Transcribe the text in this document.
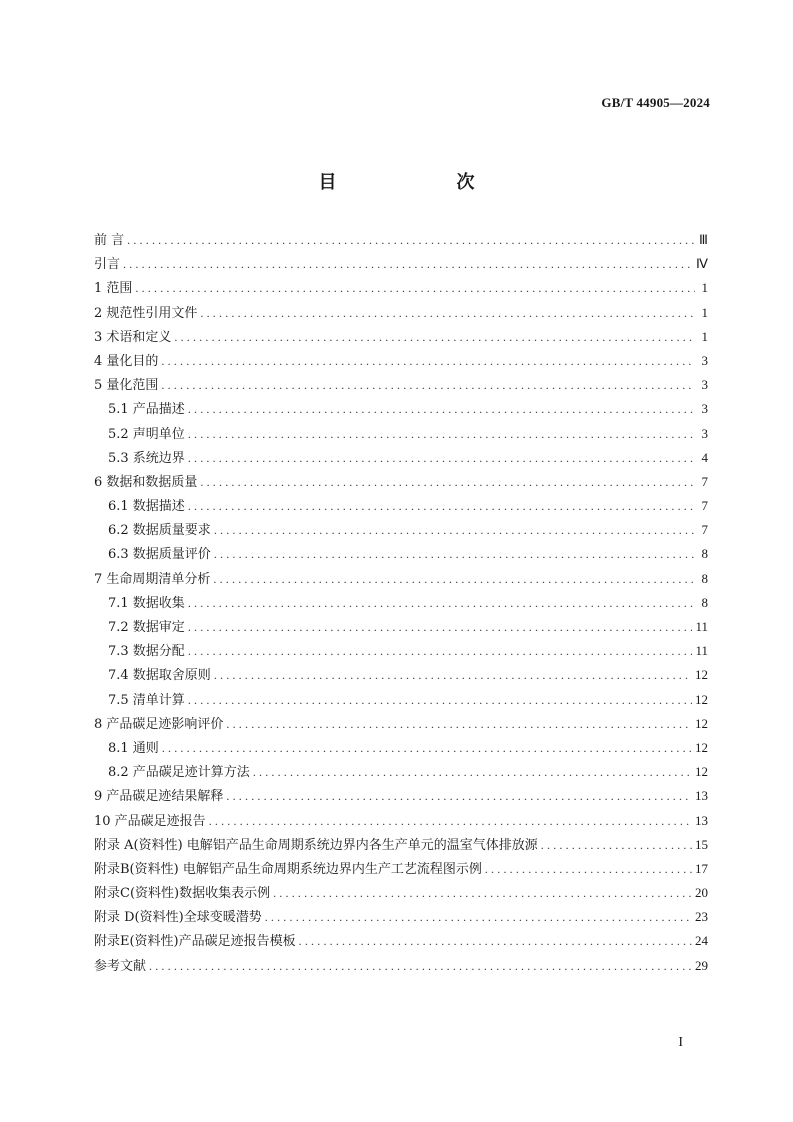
GB/T 44905—2024
目　　次
前 言 .....	Ⅲ
引言 .....	Ⅳ
1 范围 .....	1
2 规范性引用文件 .....	1
3 术语和定义 .....	1
4 量化目的 .....	3
5 量化范围 .....	3
5.1 产品描述 .....	3
5.2 声明单位 .....	3
5.3 系统边界 .....	4
6 数据和数据质量 .....	7
6.1 数据描述 .....	7
6.2 数据质量要求 .....	7
6.3 数据质量评价 .....	8
7 生命周期清单分析 .....	8
7.1 数据收集 .....	8
7.2 数据审定 .....	11
7.3 数据分配 .....	11
7.4 数据取舍原则 .....	12
7.5 清单计算 .....	12
8 产品碳足迹影响评价 .....	12
8.1 通则 .....	12
8.2 产品碳足迹计算方法 .....	12
9 产品碳足迹结果解释 .....	13
10 产品碳足迹报告 .....	13
附录 A(资料性) 电解铝产品生命周期系统边界内各生产单元的温室气体排放源 .....	15
附录B(资料性) 电解铝产品生命周期系统边界内生产工艺流程图示例 .....	17
附录C(资料性)数据收集表示例 .....	20
附录 D(资料性)全球变暖潜势 .....	23
附录E(资料性)产品碳足迹报告模板 .....	24
参考文献 .....	29
I
